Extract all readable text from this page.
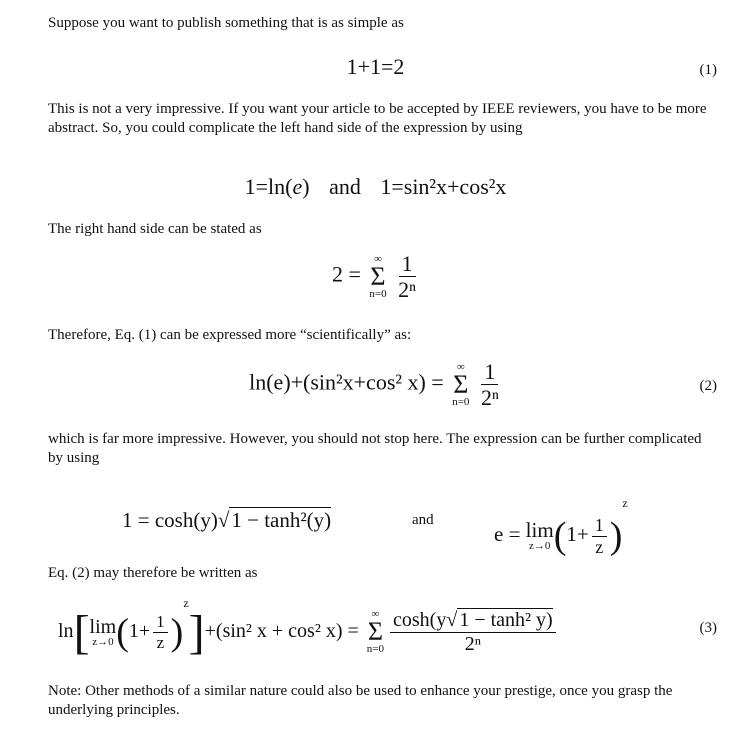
Suppose you want to publish something that is as simple as

1+1=2	(1)

This is not a very impressive. If you want your article to be accepted by IEEE reviewers, you have to be more abstract. So, you could complicate the left hand side of the expression by using

1=ln(e) and 1=sin²x+cos²x

The right hand side can be stated as

2 =
∞
Σ
n=0
$\frac{1}{\text{2ⁿ}}$

Therefore, Eq. (1) can be expressed more “scientifically” as:

ln(e)+(sin²x+cos² x) =
∞
Σ
n=0
$\frac{1}{\text{2ⁿ}}$	(2)

which is far more impressive. However, you should not stop here. The expression can be further complicated by using

1 = cosh(y)√1 − tanh²(y)	and
e = lim
z→0 $(1+ \frac{1}{z} )^z$

Eq. (2) may therefore be written as

ln[ lim
z→0 $(1+ \frac{1}{z} )^z]+(\sin^2$ x + cos² x) =
∞
Σ
$n=0 \frac{\text{cosh(y√ 1 − tanh² y)}}{\text{2ⁿ}}$	(3)

Note: Other methods of a similar nature could also be used to enhance your prestige, once you grasp the underlying principles.
